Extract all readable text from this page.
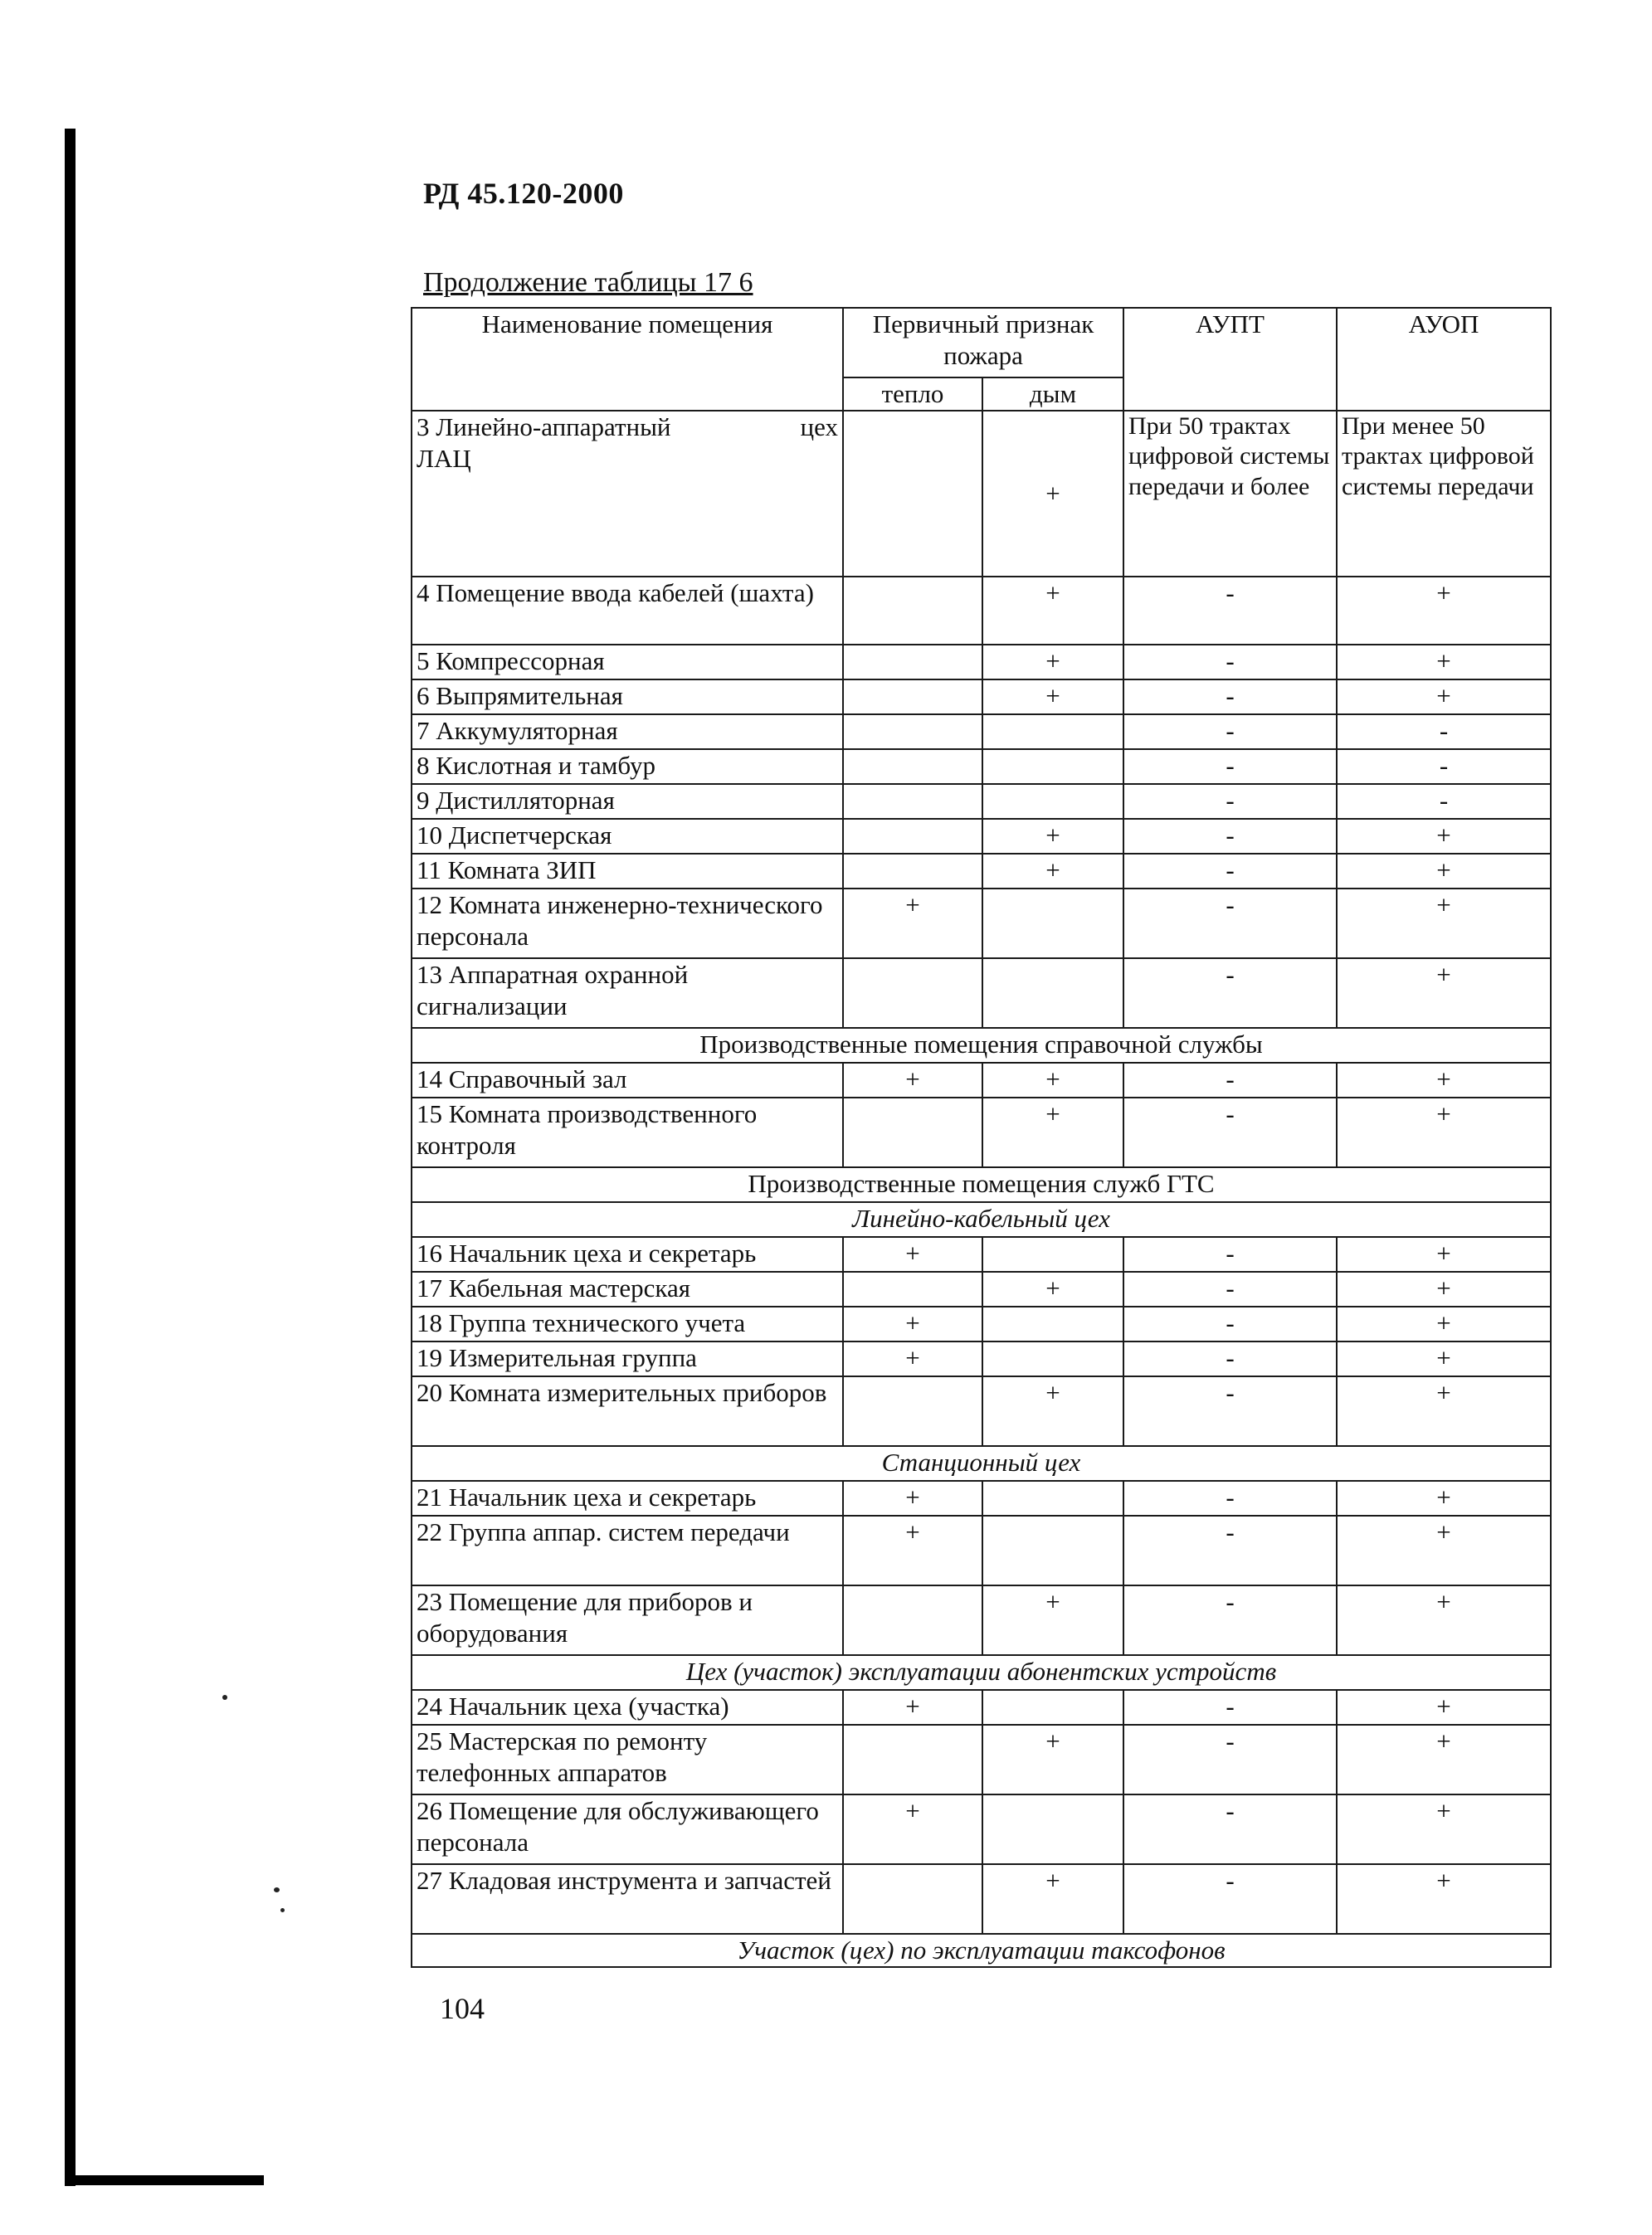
РД 45.120-2000
Продолжение таблицы 17 6
Наименование помещения	Первичный признак пожара		АУПТ	АУОП
	тепло	дым		

3 Линейно-аппаратный цех
ЛАЦ		+	При 50 трактах цифровой системы передачи и более	При менее 50 трактах цифровой системы передачи
4 Помещение ввода кабелей (шахта)		+	-	+
5 Компрессорная		+	-	+
6 Выпрямительная		+	-	+
7 Аккумуляторная			-	-
8 Кислотная и тамбур			-	-
9 Дистилляторная			-	-
10 Диспетчерская		+	-	+
11 Комната ЗИП		+	-	+
12 Комната инженерно-технического персонала	+		-	+
13 Аппаратная охранной сигнализации			-	+
Производственные помещения справочной службы				
14 Справочный зал	+	+	-	+
15 Комната производственного контроля		+	-	+
Производственные помещения служб ГТС				
Линейно-кабельный цех				
16 Начальник цеха и секретарь	+		-	+
17 Кабельная мастерская		+	-	+
18 Группа технического учета	+		-	+
19 Измерительная группа	+		-	+
20 Комната измерительных приборов		+	-	+
Станционный цех				
21 Начальник цеха и секретарь	+		-	+
22 Группа аппар. систем передачи	+		-	+
23 Помещение для приборов и оборудования		+	-	+
Цех (участок) эксплуатации абонентских устройств				
24 Начальник цеха (участка)	+		-	+
25 Мастерская по ремонту телефонных аппаратов		+	-	+
26 Помещение для обслуживающего персонала	+		-	+
27 Кладовая инструмента и запчастей		+	-	+
Участок (цех) по эксплуатации таксофонов				
104
